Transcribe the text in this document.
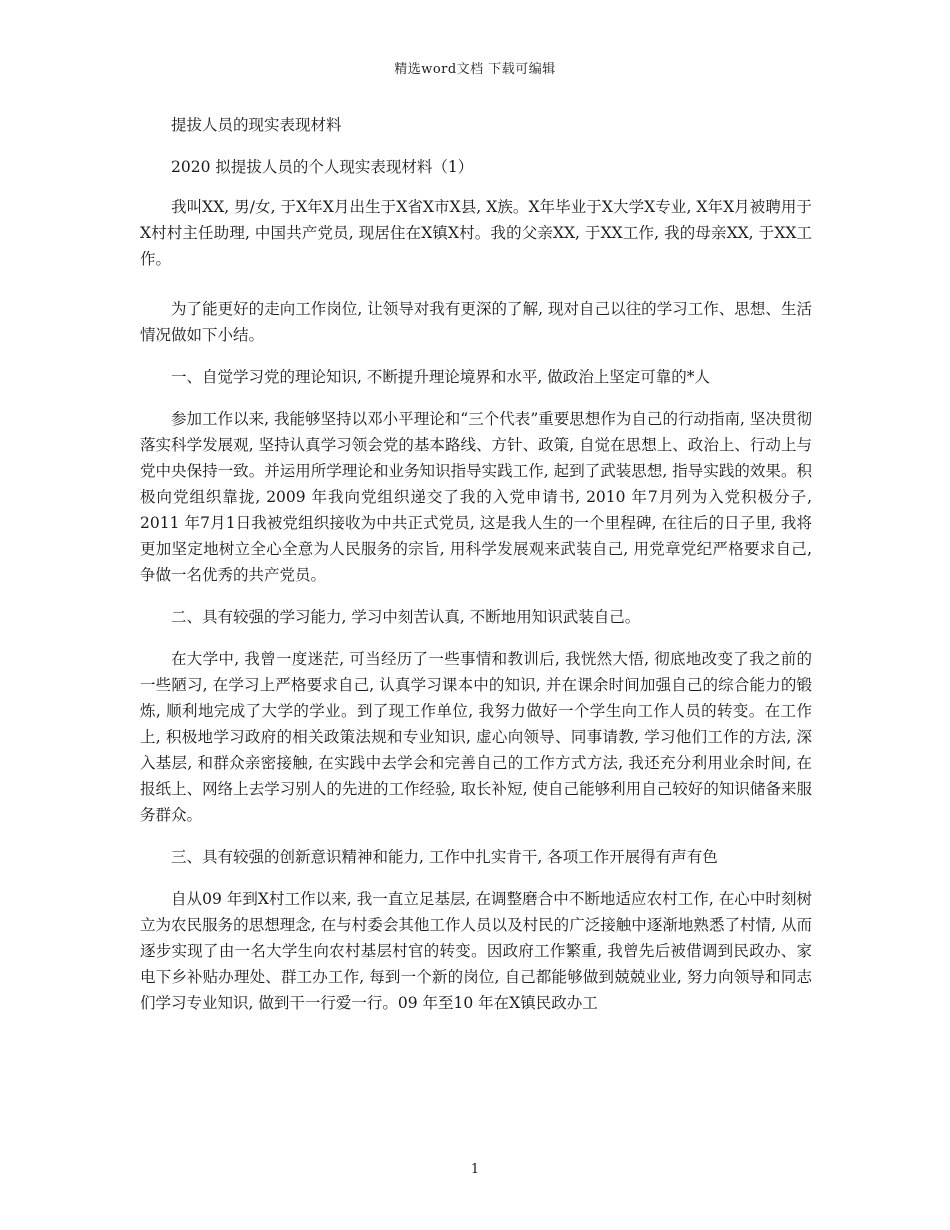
精选word文档 下载可编辑

提拔人员的现实表现材料

2020 拟提拔人员的个人现实表现材料（1）

我叫XX, 男/女, 于X年X月出生于X省X市X县, X族。X年毕业于X大学X专业, X年X月被聘用于X村村主任助理, 中国共产党员, 现居住在X镇X村。我的父亲XX, 于XX工作, 我的母亲XX, 于XX工作。

为了能更好的走向工作岗位, 让领导对我有更深的了解, 现对自己以往的学习工作、思想、生活情况做如下小结。

一、自觉学习党的理论知识, 不断提升理论境界和水平, 做政治上坚定可靠的*人

参加工作以来, 我能够坚持以邓小平理论和“三个代表”重要思想作为自己的行动指南, 坚决贯彻落实科学发展观, 坚持认真学习领会党的基本路线、方针、政策, 自觉在思想上、政治上、行动上与党中央保持一致。并运用所学理论和业务知识指导实践工作, 起到了武装思想, 指导实践的效果。积极向党组织靠拢, 2009 年我向党组织递交了我的入党申请书, 2010 年7月列为入党积极分子, 2011 年7月1日我被党组织接收为中共正式党员, 这是我人生的一个里程碑, 在往后的日子里, 我将更加坚定地树立全心全意为人民服务的宗旨, 用科学发展观来武装自己, 用党章党纪严格要求自己, 争做一名优秀的共产党员。

二、具有较强的学习能力, 学习中刻苦认真, 不断地用知识武装自己。

在大学中, 我曾一度迷茫, 可当经历了一些事情和教训后, 我恍然大悟, 彻底地改变了我之前的一些陋习, 在学习上严格要求自己, 认真学习课本中的知识, 并在课余时间加强自己的综合能力的锻炼, 顺利地完成了大学的学业。到了现工作单位, 我努力做好一个学生向工作人员的转变。在工作上, 积极地学习政府的相关政策法规和专业知识, 虚心向领导、同事请教, 学习他们工作的方法, 深入基层, 和群众亲密接触, 在实践中去学会和完善自己的工作方式方法, 我还充分利用业余时间, 在报纸上、网络上去学习别人的先进的工作经验, 取长补短, 使自己能够利用自己较好的知识储备来服务群众。

三、具有较强的创新意识精神和能力, 工作中扎实肯干, 各项工作开展得有声有色

自从09 年到X村工作以来, 我一直立足基层, 在调整磨合中不断地适应农村工作, 在心中时刻树立为农民服务的思想理念, 在与村委会其他工作人员以及村民的广泛接触中逐渐地熟悉了村情, 从而逐步实现了由一名大学生向农村基层村官的转变。因政府工作繁重, 我曾先后被借调到民政办、家电下乡补贴办理处、群工办工作, 每到一个新的岗位, 自己都能够做到兢兢业业, 努力向领导和同志们学习专业知识, 做到干一行爱一行。09 年至10 年在X镇民政办工

1
